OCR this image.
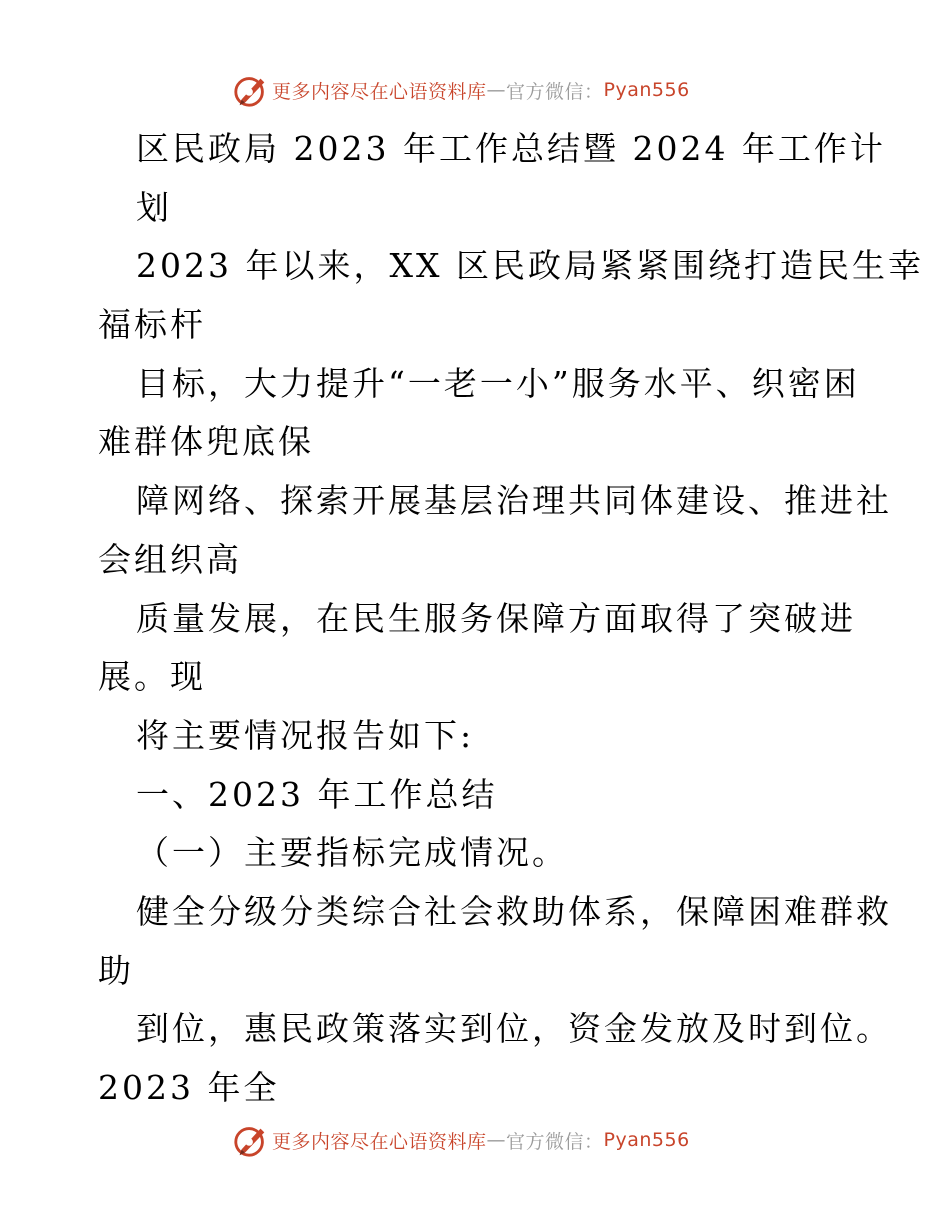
更多内容尽在心语资料库 — 官方微信： Pyan556
区民政局 2023 年工作总结暨 2024 年工作计
划
2023 年以来，XX 区民政局紧紧围绕打造民生幸
福标杆
目标，大力提升“一老一小”服务水平、织密困
难群体兜底保
障网络、探索开展基层治理共同体建设、推进社
会组织高
质量发展，在民生服务保障方面取得了突破进
展。现
将主要情况报告如下:
一、2023 年工作总结
（一）主要指标完成情况。
健全分级分类综合社会救助体系，保障困难群救
助
到位，惠民政策落实到位，资金发放及时到位。
2023 年全
更多内容尽在心语资料库 — 官方微信： Pyan556
